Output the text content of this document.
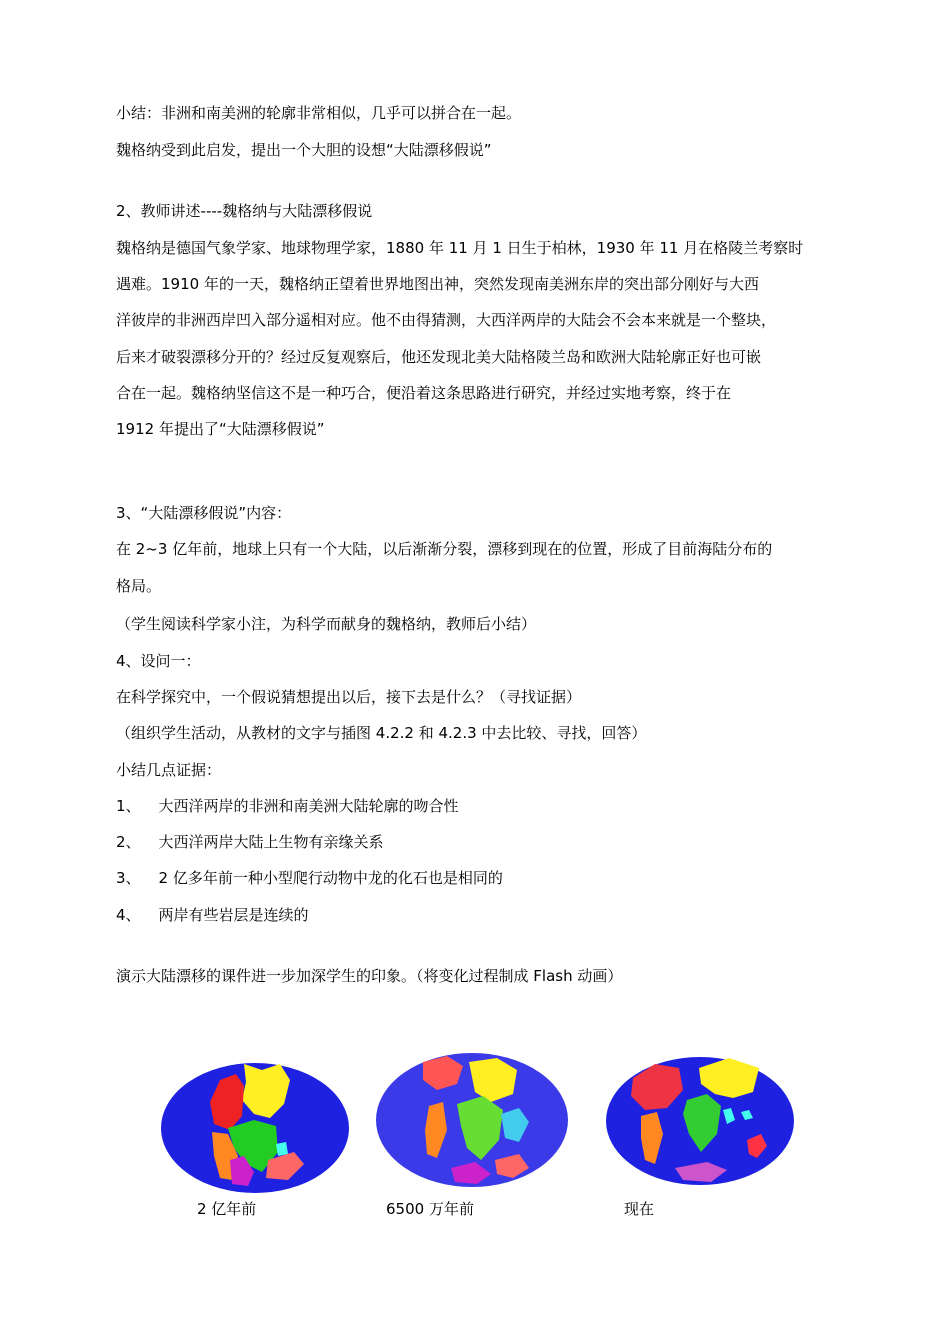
小结：非洲和南美洲的轮廓非常相似，几乎可以拼合在一起。
魏格纳受到此启发，提出一个大胆的设想“大陆漂移假说”
2、教师讲述----魏格纳与大陆漂移假说
魏格纳是德国气象学家、地球物理学家，1880 年 11 月 1 日生于柏林，1930 年 11 月在格陵兰考察时
遇难。1910 年的一天，魏格纳正望着世界地图出神，突然发现南美洲东岸的突出部分刚好与大西
洋彼岸的非洲西岸凹入部分遥相对应。他不由得猜测，大西洋两岸的大陆会不会本来就是一个整块，
后来才破裂漂移分开的？经过反复观察后，他还发现北美大陆格陵兰岛和欧洲大陆轮廓正好也可嵌
合在一起。魏格纳坚信这不是一种巧合，便沿着这条思路进行研究，并经过实地考察，终于在
1912 年提出了“大陆漂移假说”
3、“大陆漂移假说”内容：
在 2~3 亿年前，地球上只有一个大陆，以后渐渐分裂，漂移到现在的位置，形成了目前海陆分布的
格局。
（学生阅读科学家小注，为科学而献身的魏格纳，教师后小结）
4、设问一：
在科学探究中，一个假说猜想提出以后，接下去是什么？（寻找证据）
（组织学生活动，从教材的文字与插图 4.2.2 和 4.2.3 中去比较、寻找，回答）
小结几点证据：
1、 大西洋两岸的非洲和南美洲大陆轮廓的吻合性
2、 大西洋两岸大陆上生物有亲缘关系
3、 2 亿多年前一种小型爬行动物中龙的化石也是相同的
4、 两岸有些岩层是连续的
演示大陆漂移的课件进一步加深学生的印象。（将变化过程制成 Flash 动画）
2 亿年前	6500 万年前	现在
